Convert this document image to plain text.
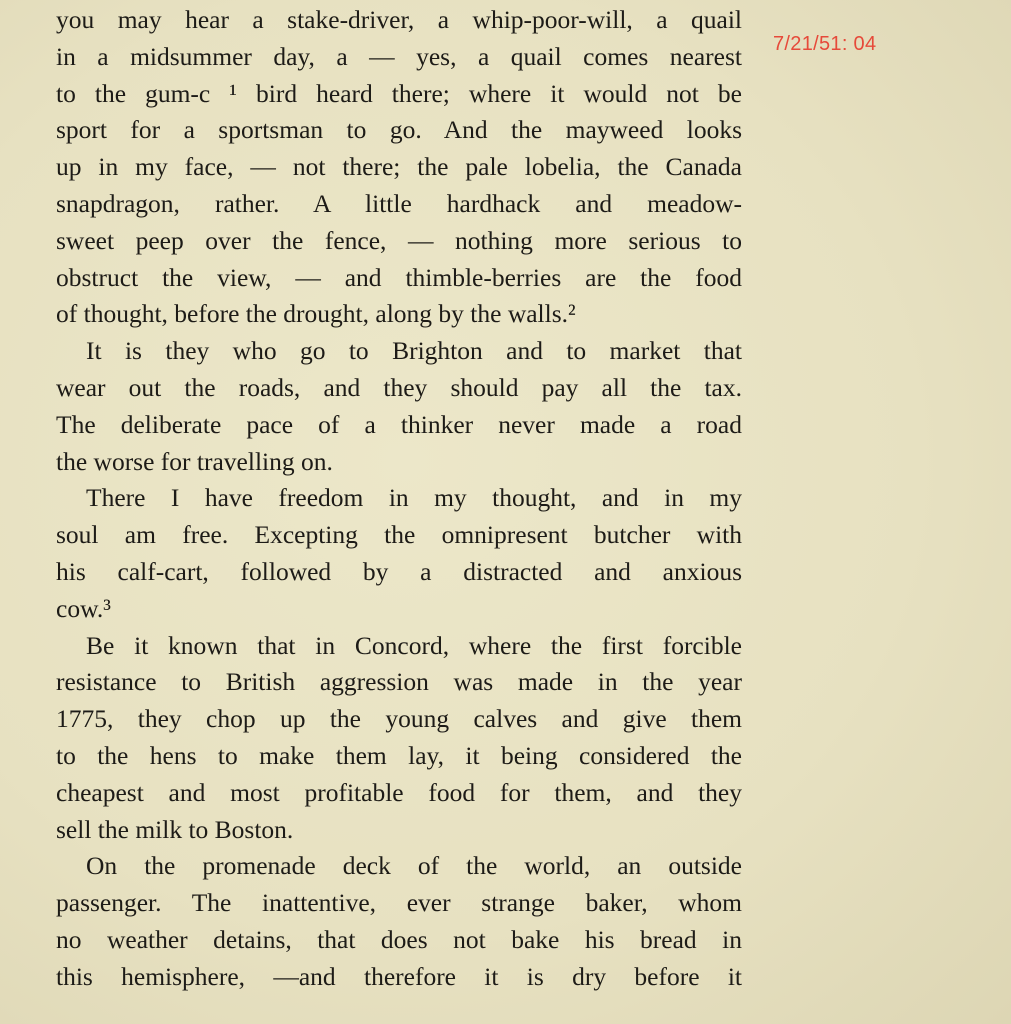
you may hear a stake-driver, a whip-poor-will, a quail
in a midsummer day, a — yes, a quail comes nearest
to the gum-c ¹ bird heard there; where it would not be
sport for a sportsman to go. And the mayweed looks
up in my face, — not there; the pale lobelia, the Canada
snapdragon, rather. A little hardhack and meadow-
sweet peep over the fence, — nothing more serious to
obstruct the view, — and thimble-berries are the food
of thought, before the drought, along by the walls.²
It is they who go to Brighton and to market that
wear out the roads, and they should pay all the tax.
The deliberate pace of a thinker never made a road
the worse for travelling on.
There I have freedom in my thought, and in my
soul am free. Excepting the omnipresent butcher with
his calf-cart, followed by a distracted and anxious
cow.³
Be it known that in Concord, where the first forcible
resistance to British aggression was made in the year
1775, they chop up the young calves and give them
to the hens to make them lay, it being considered the
cheapest and most profitable food for them, and they
sell the milk to Boston.
On the promenade deck of the world, an outside
passenger. The inattentive, ever strange baker, whom
no weather detains, that does not bake his bread in
this hemisphere, —and therefore it is dry before it
7/21/51: 04
